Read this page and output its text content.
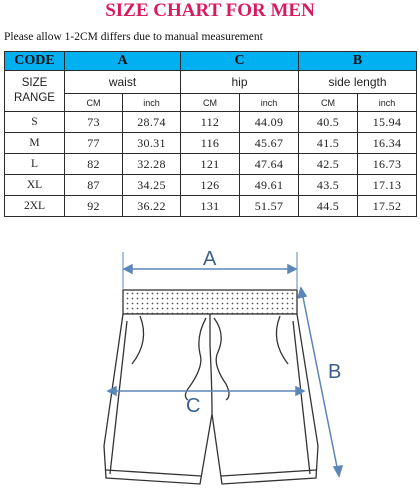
SIZE CHART FOR MEN
Please allow 1-2CM differs due to manual measurement
CODE	A		C		B	

SIZE
RANGE	waist		hip		side length	
	CM	inch	CM	inch	CM	inch
S	73	28.74	112	44.09	40.5	15.94
M	77	30.31	116	45.67	41.5	16.34
L	82	32.28	121	47.64	42.5	16.73
XL	87	34.25	126	49.61	43.5	17.13
2XL	92	36.22	131	51.57	44.5	17.52
A
C
B
